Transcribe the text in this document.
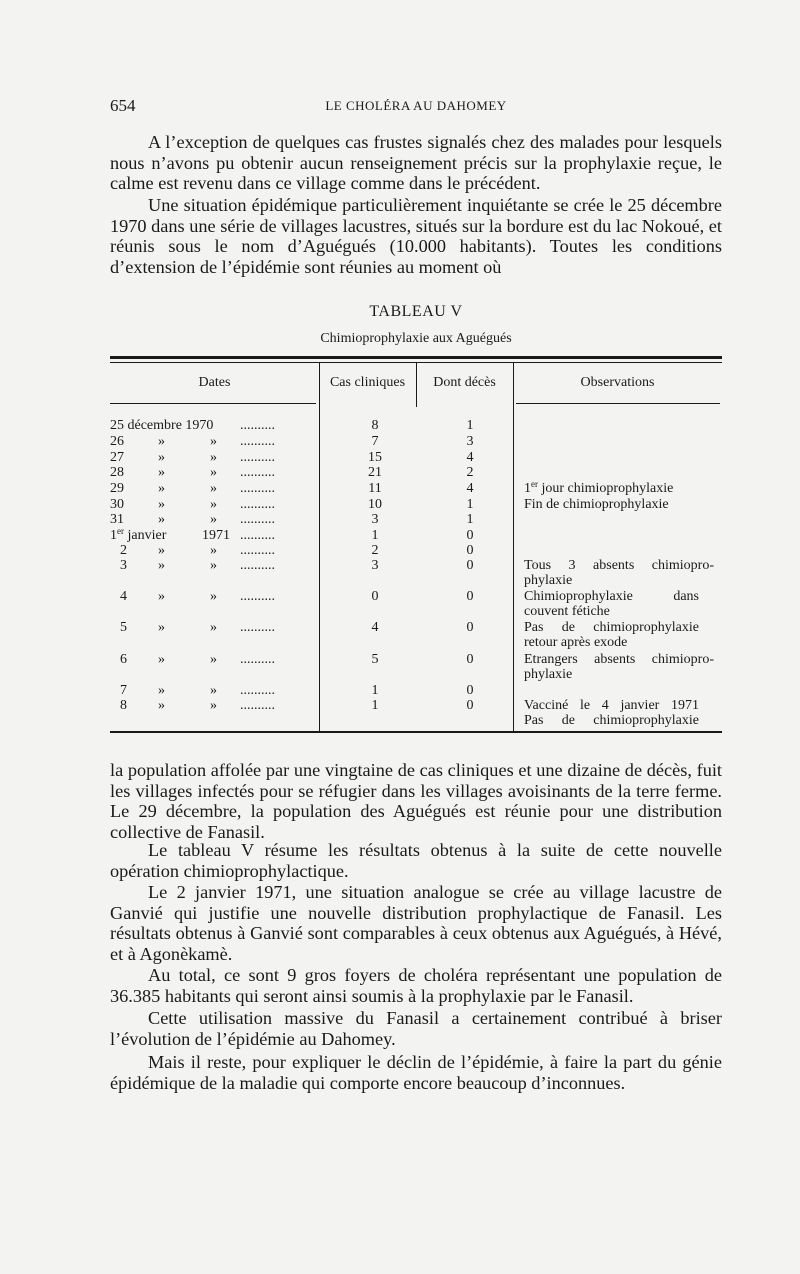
654	LE CHOLÉRA AU DAHOMEY

A l’exception de quelques cas frustes signalés chez des malades pour lesquels nous n’avons pu obtenir aucun renseignement précis sur la prophylaxie reçue, le calme est revenu dans ce village comme dans le précédent.

Une situation épidémique particulièrement inquiétante se crée le 25 décembre 1970 dans une série de villages lacustres, situés sur la bordure est du lac Nokoué, et réunis sous le nom d’Aguégués (10.000 habitants). Toutes les conditions d’extension de l’épidémie sont réunies au moment où

TABLEAU V
Chimioprophylaxie aux Aguégués
Dates	Cas cliniques	Dont décès	Observations
25 décembre 1970 ..........	8	1
26 »	» ..........	7	3
27 »	» ..........	15	4
28 »	» ..........	21	2
29 »	» ..........	11	4	1er jour chimioprophylaxie
30 »	» ..........	10	1	Fin de chimioprophylaxie
31 »	» ..........	3	1
1er janvier	1971 ..........	1	0
2 »	» ..........	2	0
3 »	» ..........	3	0	Tous 3 absents chimiopro-
phylaxie
4 »	» ..........	0	0	Chimioprophylaxie dans
couvent fétiche
5 »	» ..........	4	0	Pas de chimioprophylaxie
retour après exode
6 »	» ..........	5	0	Etrangers absents chimiopro-
phylaxie
7 »	» ..........	1	0
8 »	» ..........	1	0	Vacciné le 4 janvier 1971
Pas de chimioprophylaxie

la population affolée par une vingtaine de cas cliniques et une dizaine de décès, fuit les villages infectés pour se réfugier dans les villages avoisinants de la terre ferme. Le 29 décembre, la population des Aguégués est réunie pour une distribution collective de Fanasil.

Le tableau V résume les résultats obtenus à la suite de cette nouvelle opération chimioprophylactique.

Le 2 janvier 1971, une situation analogue se crée au village lacustre de Ganvié qui justifie une nouvelle distribution prophylactique de Fanasil. Les résultats obtenus à Ganvié sont comparables à ceux obtenus aux Aguégués, à Hévé, et à Agonèkamè.

Au total, ce sont 9 gros foyers de choléra représentant une population de 36.385 habitants qui seront ainsi soumis à la prophylaxie par le Fanasil.

Cette utilisation massive du Fanasil a certainement contribué à briser l’évolution de l’épidémie au Dahomey.

Mais il reste, pour expliquer le déclin de l’épidémie, à faire la part du génie épidémique de la maladie qui comporte encore beaucoup d’inconnues.
